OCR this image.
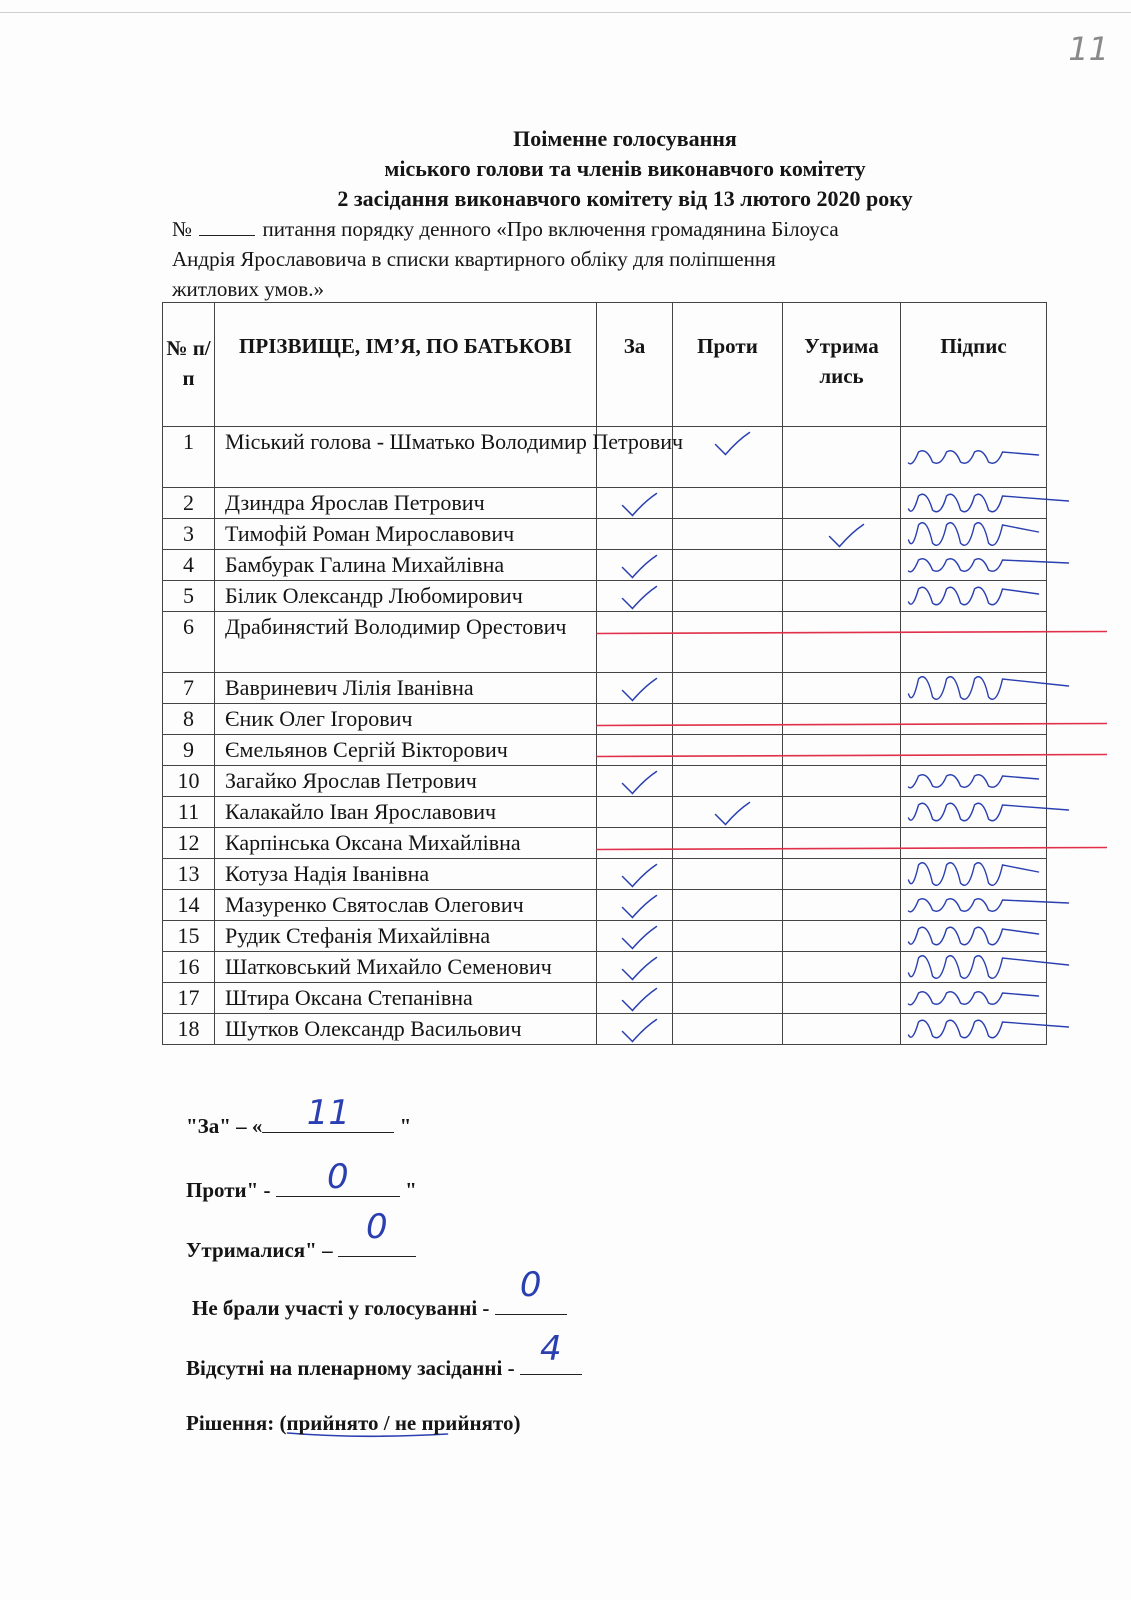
11
Поіменне голосування
міського голови та членів виконавчого комітету
2 засідання виконавчого комітету від 13 лютого 2020 року

№	питання порядку денного «Про включення громадянина Білоуса

Андрія Ярославовича в списки квартирного обліку для поліпшення

житлових умов.»

№ п/ п	ПРІЗВИЩЕ, ІМ’Я, ПО БАТЬКОВІ	За	Проти	Утрима лись	Підпис
1	Міський голова - Шматько Володимир Петрович				
2	Дзиндра Ярослав Петрович				
3	Тимофій Роман Мирославович				
4	Бамбурак Галина Михайлівна				
5	Білик Олександр Любомирович				
6	Драбинястий Володимир Орестович				
7	Вавриневич Лілія Іванівна				
8	Єник Олег Ігорович				
9	Ємельянов Сергій Вікторович				
10	Загайко Ярослав Петрович				
11	Калакайло Іван Ярославович				
12	Карпінська Оксана Михайлівна				
13	Котуза Надія Іванівна				
14	Мазуренко Святослав Олегович				
15	Рудик Стефанія Михайлівна				
16	Шатковський Михайло Семенович				
17	Штира Оксана Степанівна				
18	Шутков Олександр Васильович				
"За" – «	11	"
Проти" -	0	"
Утрималися" –
0
Не брали участі у голосуванні -
0
Відсутні на пленарному засіданні - 4
Рішення: (прийнято / не прийнято)
